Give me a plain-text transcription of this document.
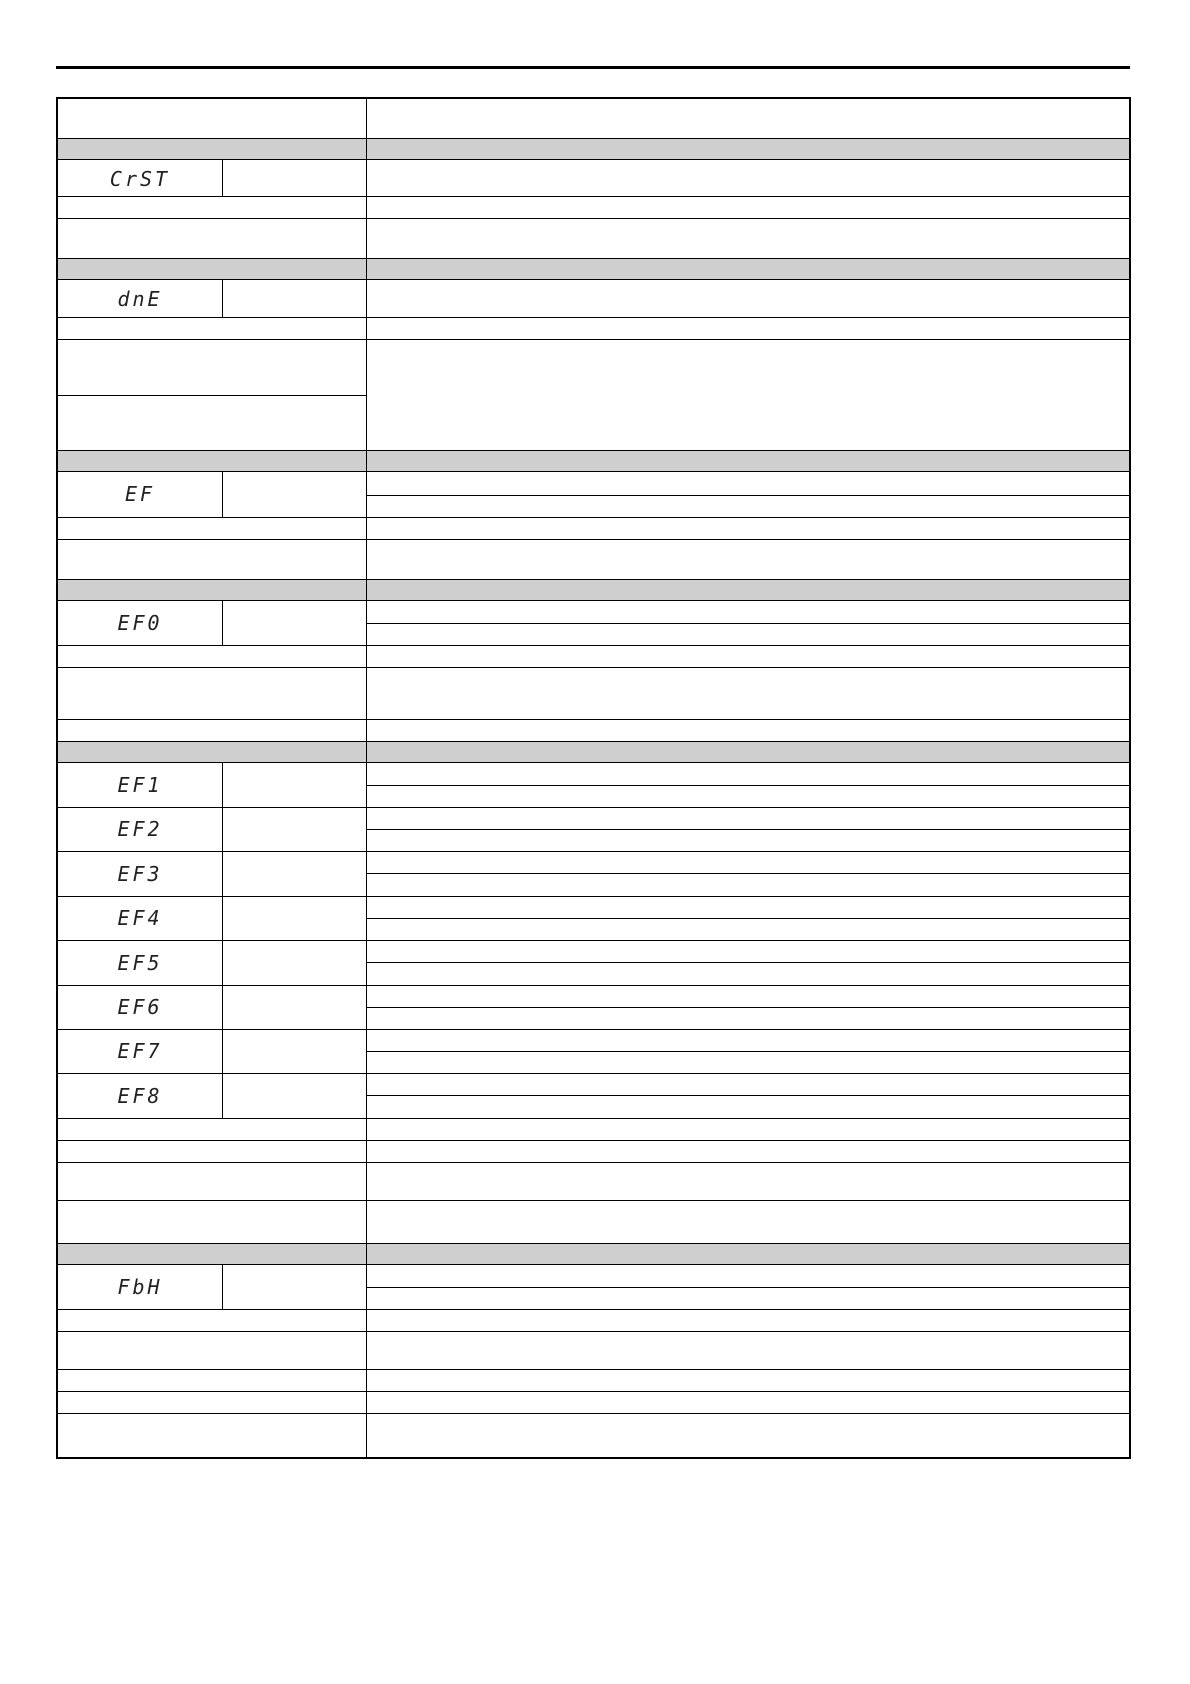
CrST
dnE
EF
EF0
EF1
EF2
EF3
EF4
EF5
EF6
EF7
EF8
FbH
